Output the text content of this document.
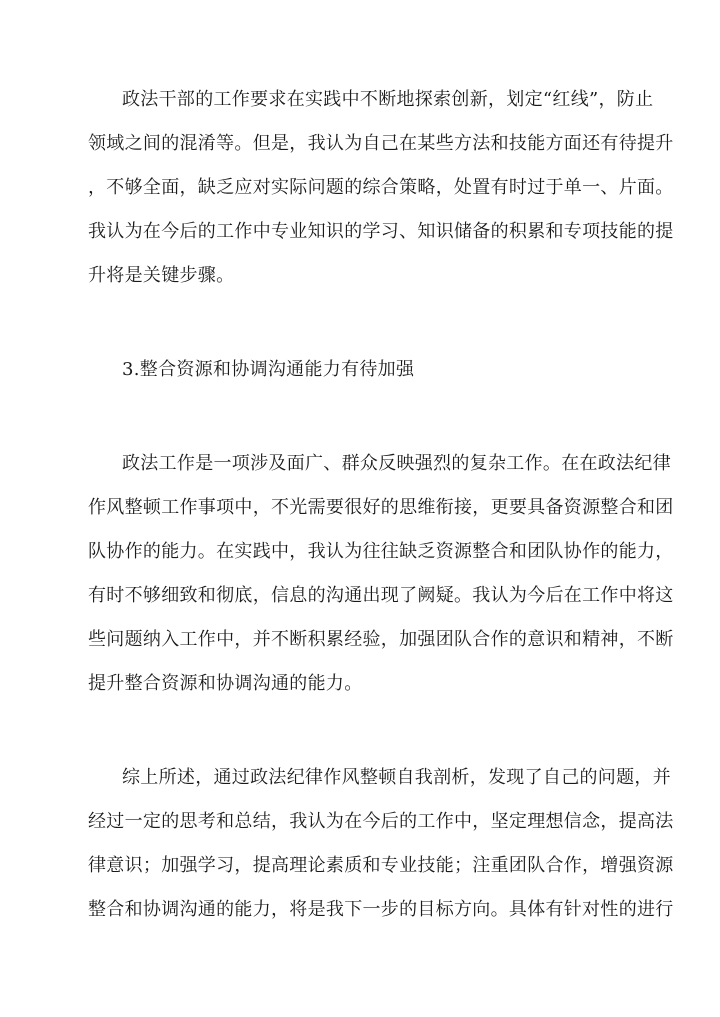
政法干部的工作要求在实践中不断地探索创新，划定“红线”，防止
领域之间的混淆等。但是，我认为自己在某些方法和技能方面还有待提升
，不够全面，缺乏应对实际问题的综合策略，处置有时过于单一、片面。
我认为在今后的工作中专业知识的学习、知识储备的积累和专项技能的提
升将是关键步骤。
3.整合资源和协调沟通能力有待加强
政法工作是一项涉及面广、群众反映强烈的复杂工作。在在政法纪律
作风整顿工作事项中，不光需要很好的思维衔接，更要具备资源整合和团
队协作的能力。在实践中，我认为往往缺乏资源整合和团队协作的能力，
有时不够细致和彻底，信息的沟通出现了阙疑。我认为今后在工作中将这
些问题纳入工作中，并不断积累经验，加强团队合作的意识和精神，不断
提升整合资源和协调沟通的能力。
综上所述，通过政法纪律作风整顿自我剖析，发现了自己的问题，并
经过一定的思考和总结，我认为在今后的工作中，坚定理想信念，提高法
律意识；加强学习，提高理论素质和专业技能；注重团队合作，增强资源
整合和协调沟通的能力，将是我下一步的目标方向。具体有针对性的进行
